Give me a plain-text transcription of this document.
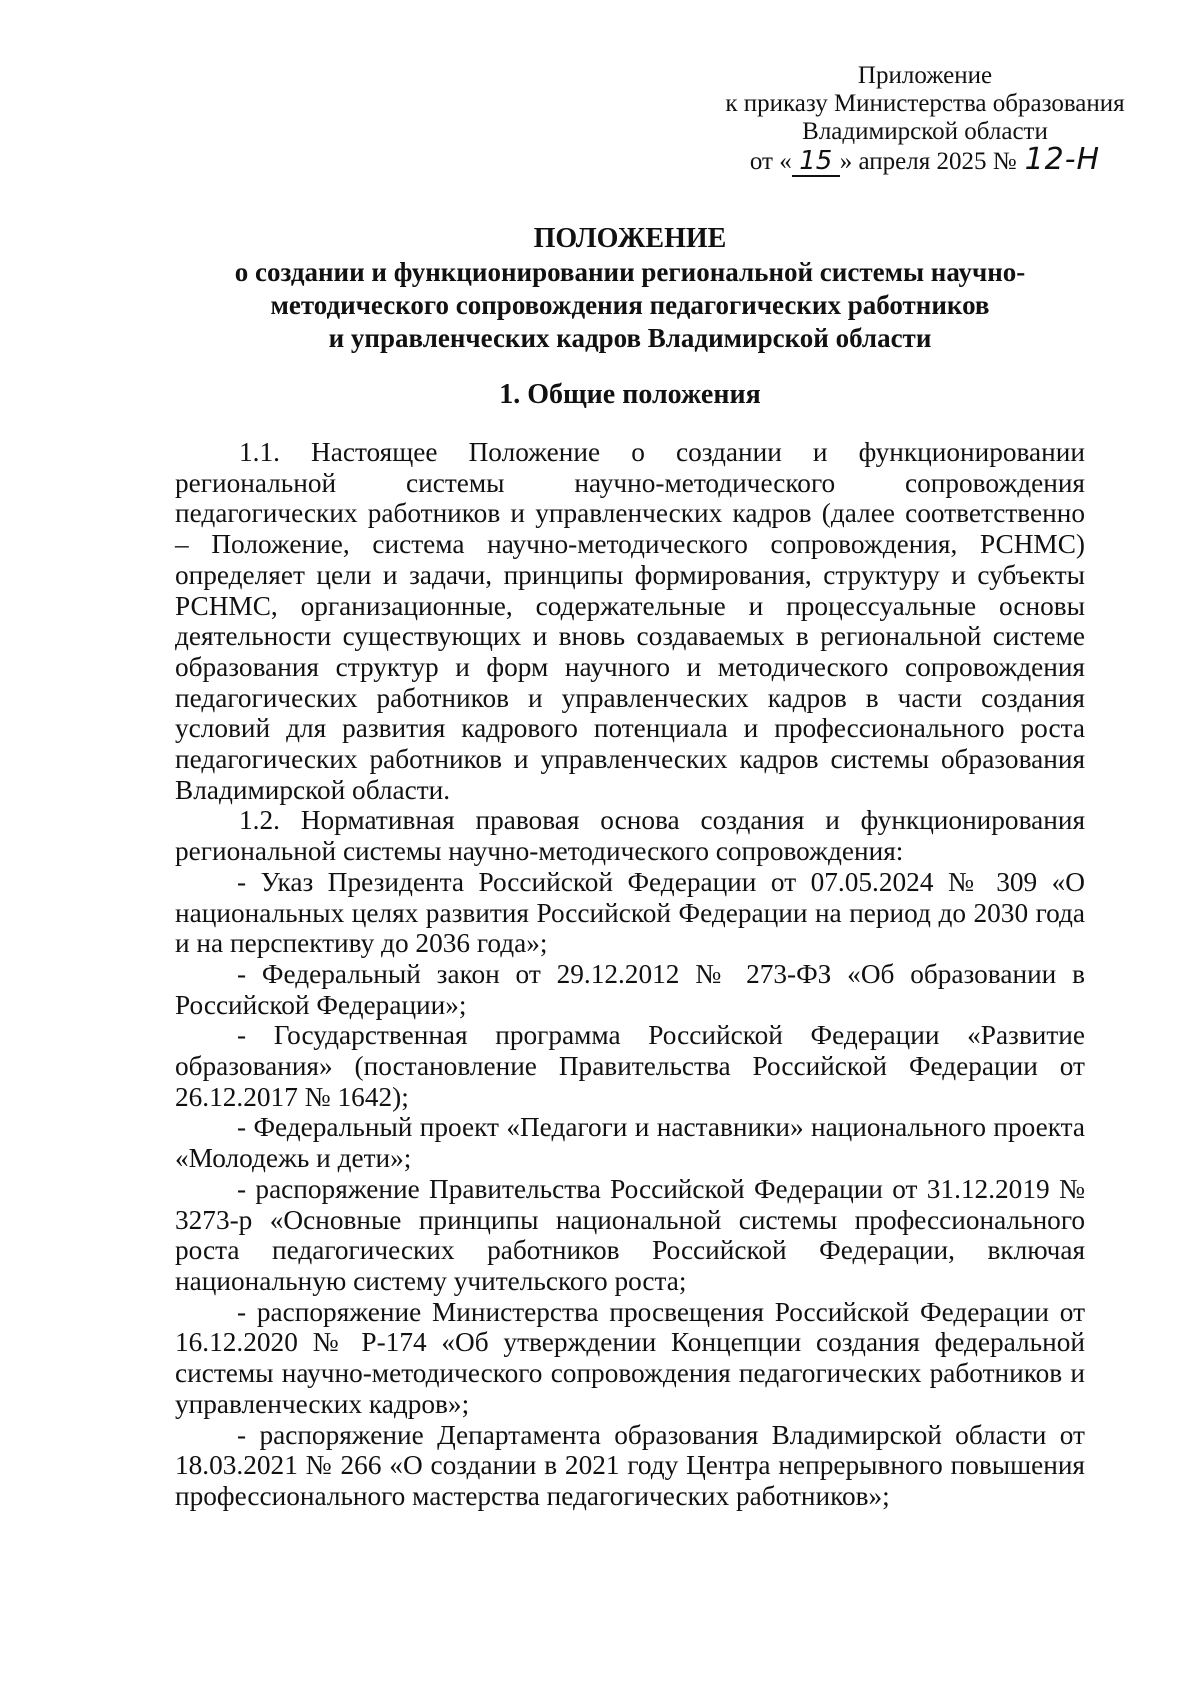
Приложение
к приказу Министерства образования
Владимирской области
от « 15 » апреля 2025 № 12-Н
ПОЛОЖЕНИЕ
о создании и функционировании региональной системы научно-
методического сопровождения педагогических работников
и управленческих кадров Владимирской области
1. Общие положения

1.1. Настоящее Положение о создании и функционировании региональной системы научно-методического сопровождения педагогических работников и управленческих кадров (далее соответственно – Положение, система научно-методического сопровождения, РСНМС) определяет цели и задачи, принципы формирования, структуру и субъекты РСНМС, организационные, содержательные и процессуальные основы деятельности существующих и вновь создаваемых в региональной системе образования структур и форм научного и методического сопровождения педагогических работников и управленческих кадров в части создания условий для развития кадрового потенциала и профессионального роста педагогических работников и управленческих кадров системы образования Владимирской области.

1.2. Нормативная правовая основа создания и функционирования региональной системы научно-методического сопровождения:

- Указ Президента Российской Федерации от 07.05.2024 № 309 «О национальных целях развития Российской Федерации на период до 2030 года и на перспективу до 2036 года»;

- Федеральный закон от 29.12.2012 № 273-ФЗ «Об образовании в Российской Федерации»;

- Государственная программа Российской Федерации «Развитие образования» (постановление Правительства Российской Федерации от 26.12.2017 № 1642);

- Федеральный проект «Педагоги и наставники» национального проекта «Молодежь и дети»;

- распоряжение Правительства Российской Федерации от 31.12.2019 № 3273-р «Основные принципы национальной системы профессионального роста педагогических работников Российской Федерации, включая национальную систему учительского роста;

- распоряжение Министерства просвещения Российской Федерации от 16.12.2020 № Р-174 «Об утверждении Концепции создания федеральной системы научно-методического сопровождения педагогических работников и управленческих кадров»;

- распоряжение Департамента образования Владимирской области от 18.03.2021 № 266 «О создании в 2021 году Центра непрерывного повышения профессионального мастерства педагогических работников»;
